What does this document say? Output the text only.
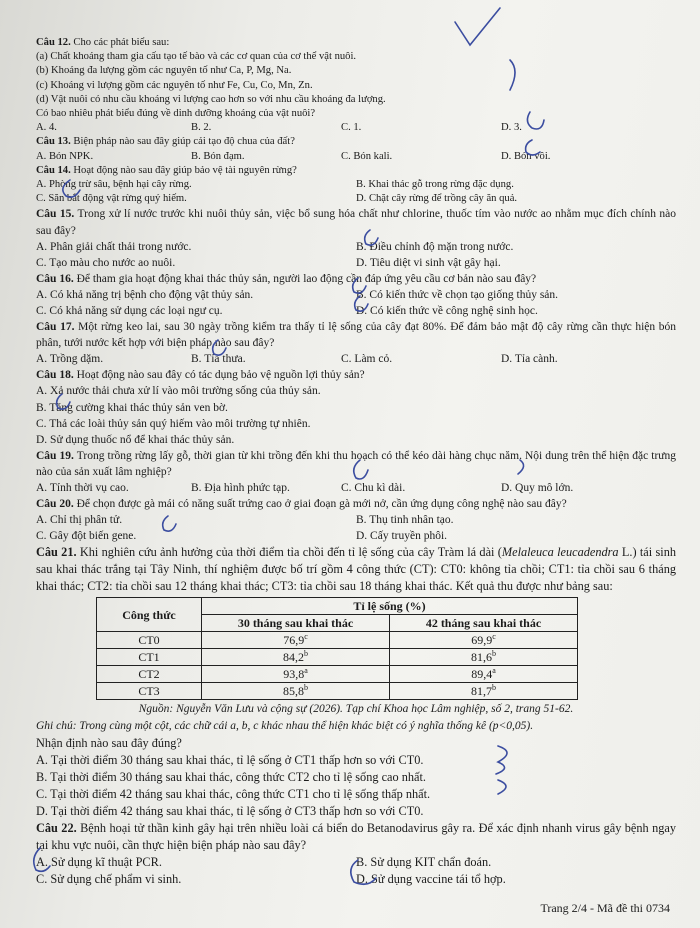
Câu 12. Cho các phát biểu sau:

(a) Chất khoáng tham gia cấu tạo tế bào và các cơ quan của cơ thể vật nuôi.

(b) Khoáng đa lượng gồm các nguyên tố như Ca, P, Mg, Na.

(c) Khoáng vi lượng gồm các nguyên tố như Fe, Cu, Co, Mn, Zn.

(d) Vật nuôi có nhu cầu khoáng vi lượng cao hơn so với nhu cầu khoáng đa lượng.

Có bao nhiêu phát biểu đúng về dinh dưỡng khoáng của vật nuôi?

A. 4.	B. 2.	C. 1.	D. 3.

Câu 13. Biện pháp nào sau đây giúp cải tạo độ chua của đất?

A. Bón NPK.	B. Bón đạm.	C. Bón kali.	D. Bón vôi.

Câu 14. Hoạt động nào sau đây giúp bảo vệ tài nguyên rừng?

A. Phòng trừ sâu, bệnh hại cây rừng.	B. Khai thác gỗ trong rừng đặc dụng.
C. Săn bắt động vật rừng quý hiếm.	D. Chặt cây rừng để trồng cây ăn quả.

Câu 15. Trong xử lí nước trước khi nuôi thủy sản, việc bổ sung hóa chất như chlorine, thuốc tím vào nước ao nhằm mục đích chính nào sau đây?

A. Phân giải chất thải trong nước.	B. Điều chỉnh độ mặn trong nước.
C. Tạo màu cho nước ao nuôi.	D. Tiêu diệt vi sinh vật gây hại.

Câu 16. Để tham gia hoạt động khai thác thủy sản, người lao động cần đáp ứng yêu cầu cơ bản nào sau đây?

A. Có khả năng trị bệnh cho động vật thủy sản.	B. Có kiến thức về chọn tạo giống thủy sản.
C. Có khả năng sử dụng các loại ngư cụ.	D. Có kiến thức về công nghệ sinh học.

Câu 17. Một rừng keo lai, sau 30 ngày trồng kiểm tra thấy tỉ lệ sống của cây đạt 80%. Để đảm bảo mật độ cây rừng cần thực hiện bón phân, tưới nước kết hợp với biện pháp nào sau đây?

A. Trồng dặm.	B. Tỉa thưa.	C. Làm cỏ.	D. Tỉa cành.

Câu 18. Hoạt động nào sau đây có tác dụng bảo vệ nguồn lợi thủy sản?

A. Xả nước thải chưa xử lí vào môi trường sống của thủy sản.

B. Tăng cường khai thác thủy sản ven bờ.

C. Thả các loài thủy sản quý hiếm vào môi trường tự nhiên.

D. Sử dụng thuốc nổ để khai thác thủy sản.

Câu 19. Trong trồng rừng lấy gỗ, thời gian từ khi trồng đến khi thu hoạch có thể kéo dài hàng chục năm. Nội dung trên thể hiện đặc trưng nào của sản xuất lâm nghiệp?

A. Tính thời vụ cao.	B. Địa hình phức tạp.	C. Chu kì dài.	D. Quy mô lớn.

Câu 20. Để chọn được gà mái có năng suất trứng cao ở giai đoạn gà mới nở, cần ứng dụng công nghệ nào sau đây?

A. Chỉ thị phân tử.	B. Thụ tinh nhân tạo.
C. Gây đột biến gene.	D. Cấy truyền phôi.

Câu 21. Khi nghiên cứu ảnh hưởng của thời điểm tỉa chồi đến tỉ lệ sống của cây Tràm lá dài (Melaleuca leucadendra L.) tái sinh sau khai thác trắng tại Tây Ninh, thí nghiệm được bố trí gồm 4 công thức (CT): CT0: không tỉa chồi; CT1: tỉa chồi sau 6 tháng khai thác; CT2: tỉa chồi sau 12 tháng khai thác; CT3: tỉa chồi sau 18 tháng khai thác. Kết quả thu được như bảng sau:

Công thức	Tỉ lệ sống (%)	
	30 tháng sau khai thác	42 tháng sau khai thác
CT0	76,9$^c$	69,9$^c$
CT1	84,2$^b$	81,6$^b$
CT2	93,8$^a$	89,4$^a$
CT3	85,8$^b$	81,7$^b$

Nguồn: Nguyễn Văn Lưu và cộng sự (2026). Tạp chí Khoa học Lâm nghiệp, số 2, trang 51-62.

Ghi chú: Trong cùng một cột, các chữ cái a, b, c khác nhau thể hiện khác biệt có ý nghĩa thống kê (p<0,05).

Nhận định nào sau đây đúng?

A. Tại thời điểm 30 tháng sau khai thác, tỉ lệ sống ở CT1 thấp hơn so với CT0.

B. Tại thời điểm 30 tháng sau khai thác, công thức CT2 cho tỉ lệ sống cao nhất.

C. Tại thời điểm 42 tháng sau khai thác, công thức CT1 cho tỉ lệ sống thấp nhất.

D. Tại thời điểm 42 tháng sau khai thác, tỉ lệ sống ở CT3 thấp hơn so với CT0.

Câu 22. Bệnh hoại tử thần kinh gây hại trên nhiều loài cá biển do Betanodavirus gây ra. Để xác định nhanh virus gây bệnh ngay tại khu vực nuôi, cần thực hiện biện pháp nào sau đây?

A. Sử dụng kĩ thuật PCR.	B. Sử dụng KIT chẩn đoán.
C. Sử dụng chế phẩm vi sinh.	D. Sử dụng vaccine tái tổ hợp.
Trang 2/4 - Mã đề thi 0734
